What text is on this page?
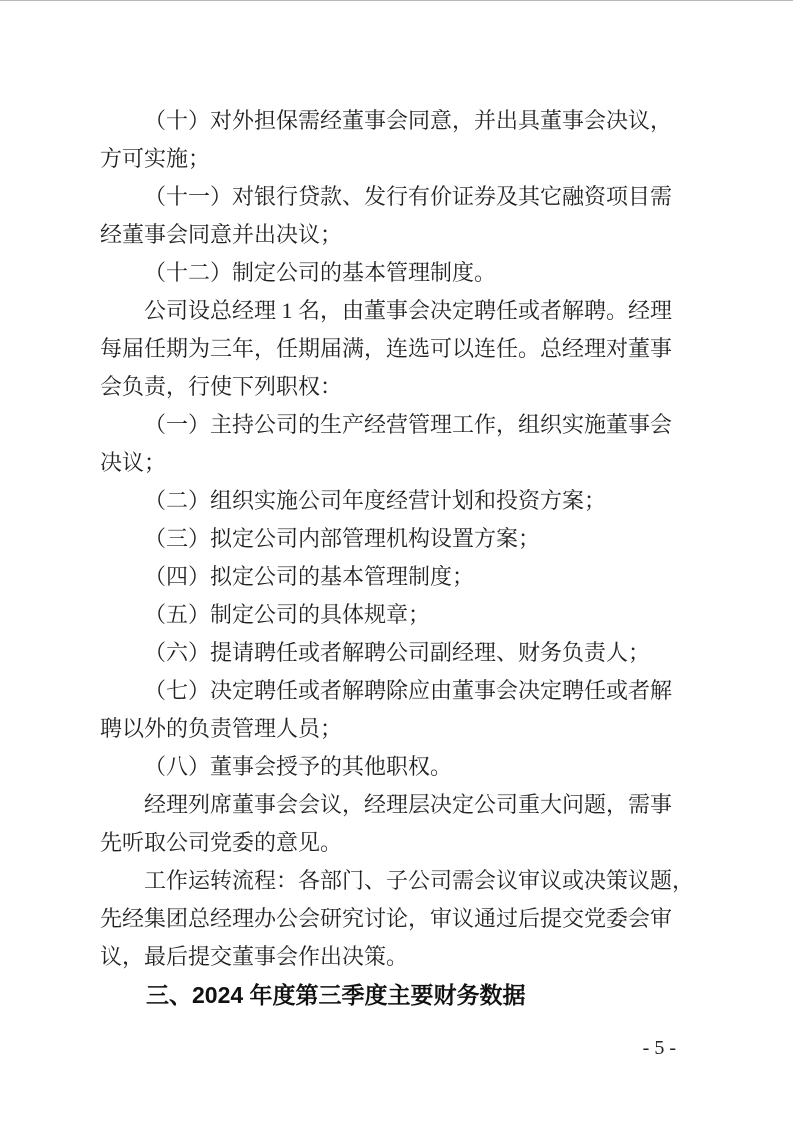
（十）对外担保需经董事会同意，并出具董事会决议，
方可实施；
（十一）对银行贷款、发行有价证券及其它融资项目需
经董事会同意并出决议；
（十二）制定公司的基本管理制度。
公司设总经理 1 名，由董事会决定聘任或者解聘。经理
每届任期为三年，任期届满，连选可以连任。总经理对董事
会负责，行使下列职权：
（一）主持公司的生产经营管理工作，组织实施董事会
决议；
（二）组织实施公司年度经营计划和投资方案；
（三）拟定公司内部管理机构设置方案；
（四）拟定公司的基本管理制度；
（五）制定公司的具体规章；
（六）提请聘任或者解聘公司副经理、财务负责人；
（七）决定聘任或者解聘除应由董事会决定聘任或者解
聘以外的负责管理人员；
（八）董事会授予的其他职权。
经理列席董事会会议，经理层决定公司重大问题，需事
先听取公司党委的意见。
工作运转流程：各部门、子公司需会议审议或决策议题，
先经集团总经理办公会研究讨论，审议通过后提交党委会审
议，最后提交董事会作出决策。
三、2024 年度第三季度主要财务数据
- 5 -
